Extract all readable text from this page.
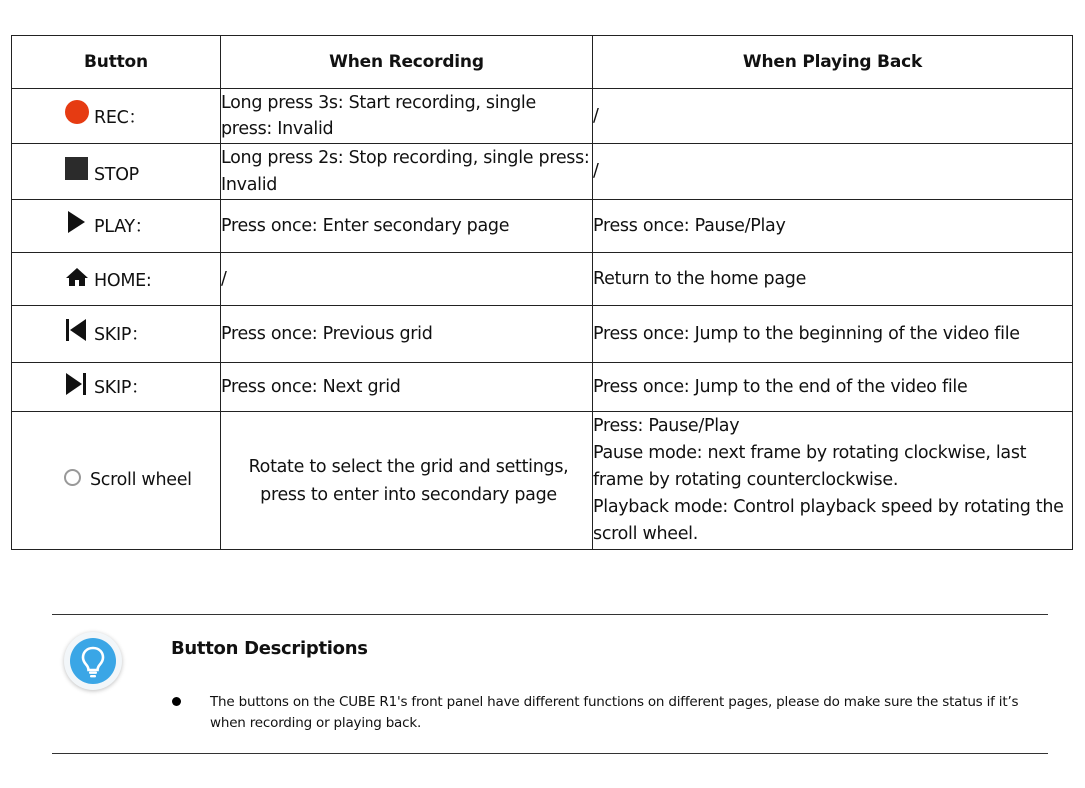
Button	When Recording	When Playing Back

REC：	Long press 3s: Start recording, single press: Invalid	/

STOP	Long press 2s: Stop recording, single press: Invalid	/

PLAY：	Press once: Enter secondary page	Press once: Pause/Play

HOME:	/	Return to the home page

SKIP：	Press once: Previous grid	Press once: Jump to the beginning of the video file

SKIP：	Press once: Next grid	Press once: Jump to the end of the video file

Scroll wheel	Rotate to select the grid and settings, press to enter into secondary page	Press: Pause/Play
Pause mode: next frame by rotating clockwise, last frame by rotating counterclockwise.
Playback mode: Control playback speed by rotating the scroll wheel.
Button Descriptions
The buttons on the CUBE R1's front panel have different functions on different pages, please do make sure the status if it’s when recording or playing back.
